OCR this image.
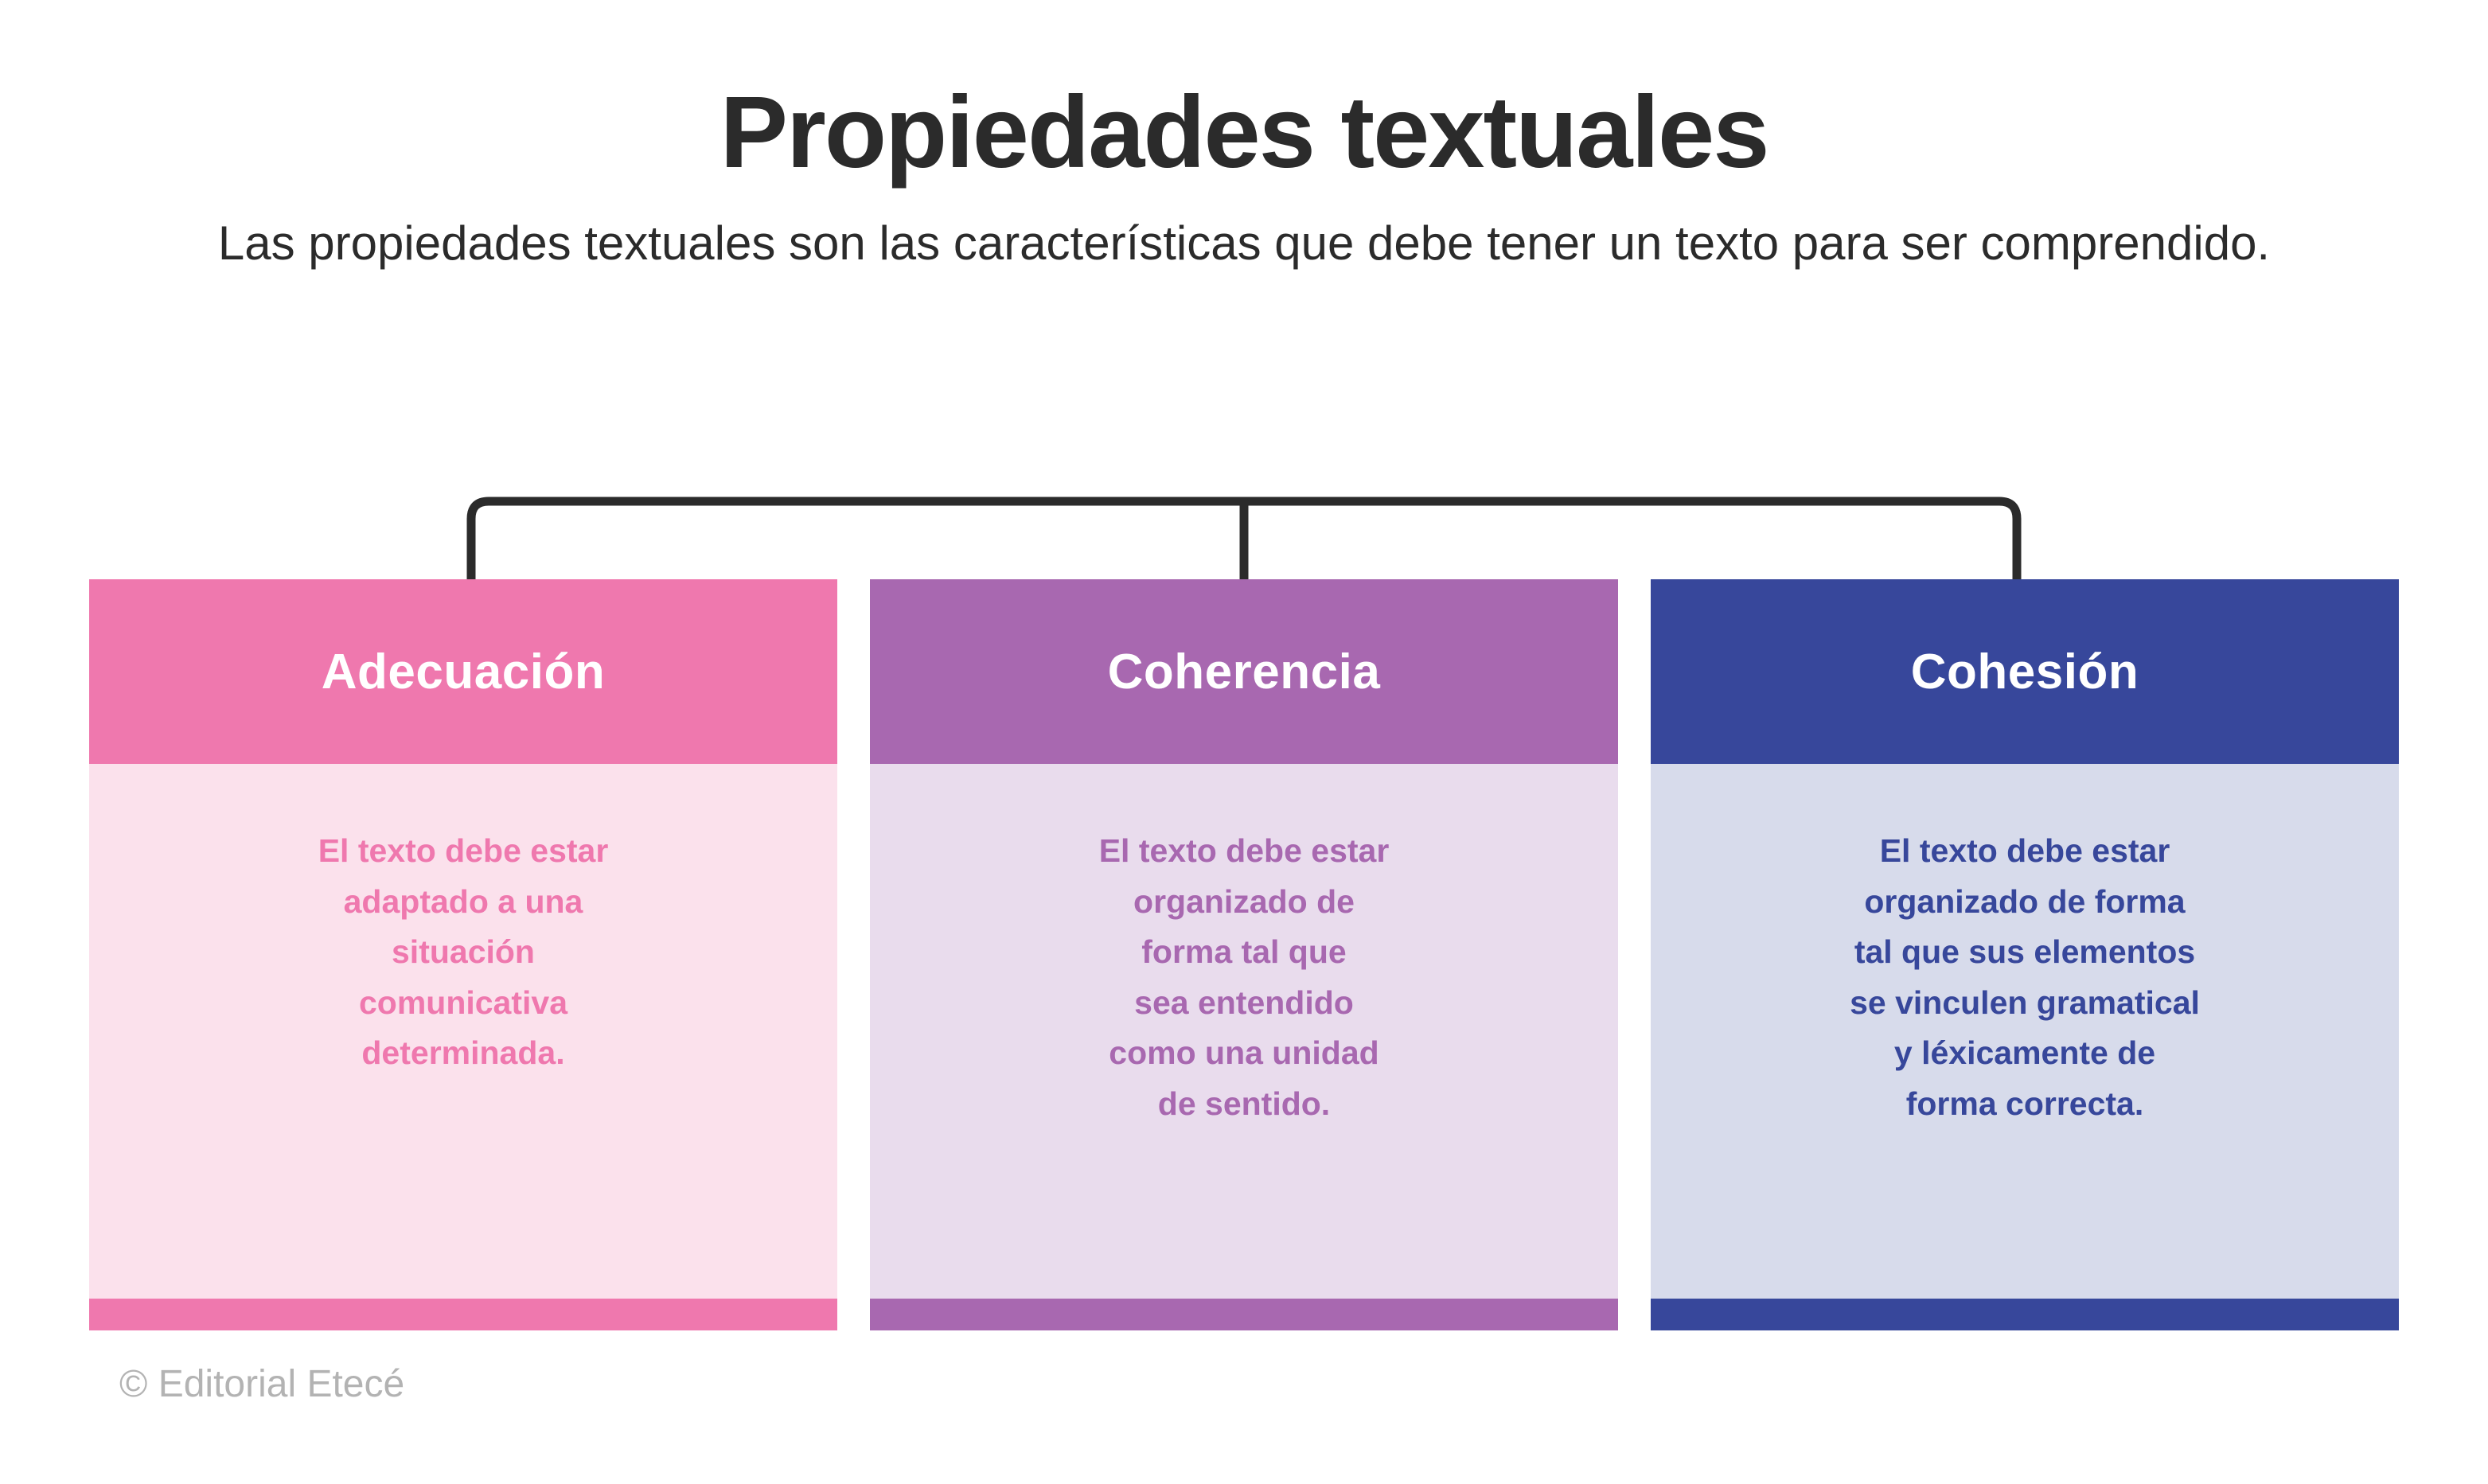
Propiedades textuales

Las propiedades textuales son las características que debe tener un texto para ser comprendido.

Adecuación
El texto debe estar
adaptado a una
situación
comunicativa
determinada.
Coherencia
El texto debe estar
organizado de
forma tal que
sea entendido
como una unidad
de sentido.
Cohesión
El texto debe estar
organizado de forma
tal que sus elementos
se vinculen gramatical
y léxicamente de
forma correcta.
© Editorial Etecé
